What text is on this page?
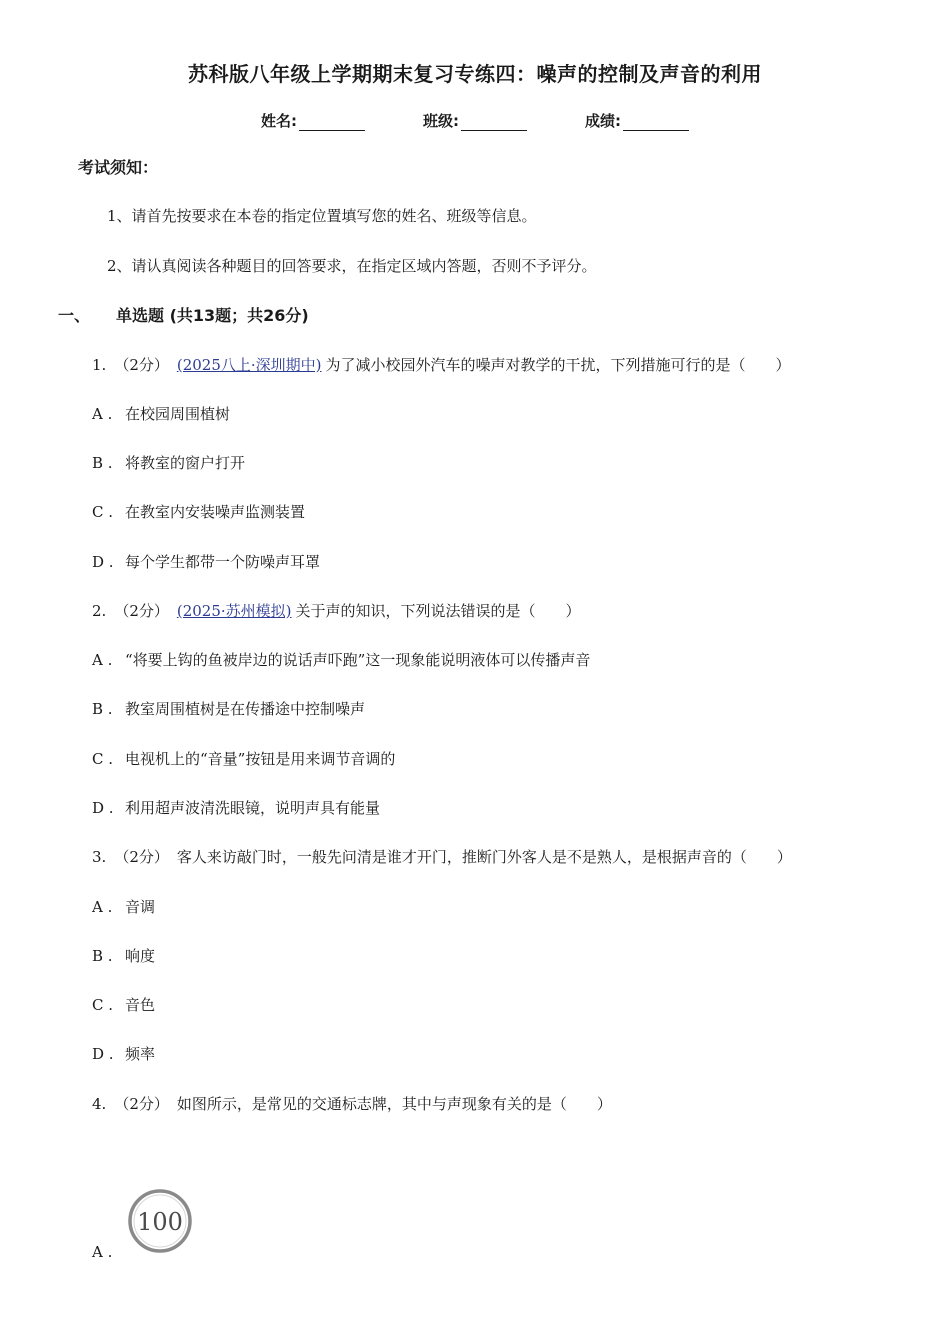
苏科版八年级上学期期末复习专练四：噪声的控制及声音的利用
姓名:	班级:	成绩:
考试须知：
1、请首先按要求在本卷的指定位置填写您的姓名、班级等信息。
2、请认真阅读各种题目的回答要求，在指定区域内答题，否则不予评分。
一、 单选题 (共13题；共26分)
1. （2分） (2025八上·深圳期中) 为了减小校园外汽车的噪声对教学的干扰，下列措施可行的是（　　）
A . 在校园周围植树
B . 将教室的窗户打开
C . 在教室内安装噪声监测装置
D . 每个学生都带一个防噪声耳罩
2. （2分） (2025·苏州模拟) 关于声的知识，下列说法错误的是（　　）
A . “将要上钩的鱼被岸边的说话声吓跑”这一现象能说明液体可以传播声音
B . 教室周围植树是在传播途中控制噪声
C . 电视机上的“音量”按钮是用来调节音调的
D . 利用超声波清洗眼镜，说明声具有能量
3. （2分） 客人来访敲门时，一般先问清是谁才开门，推断门外客人是不是熟人，是根据声音的（　　）
A . 音调
B . 响度
C . 音色
D . 频率
4. （2分） 如图所示，是常见的交通标志牌，其中与声现象有关的是（　　）
100
A .
